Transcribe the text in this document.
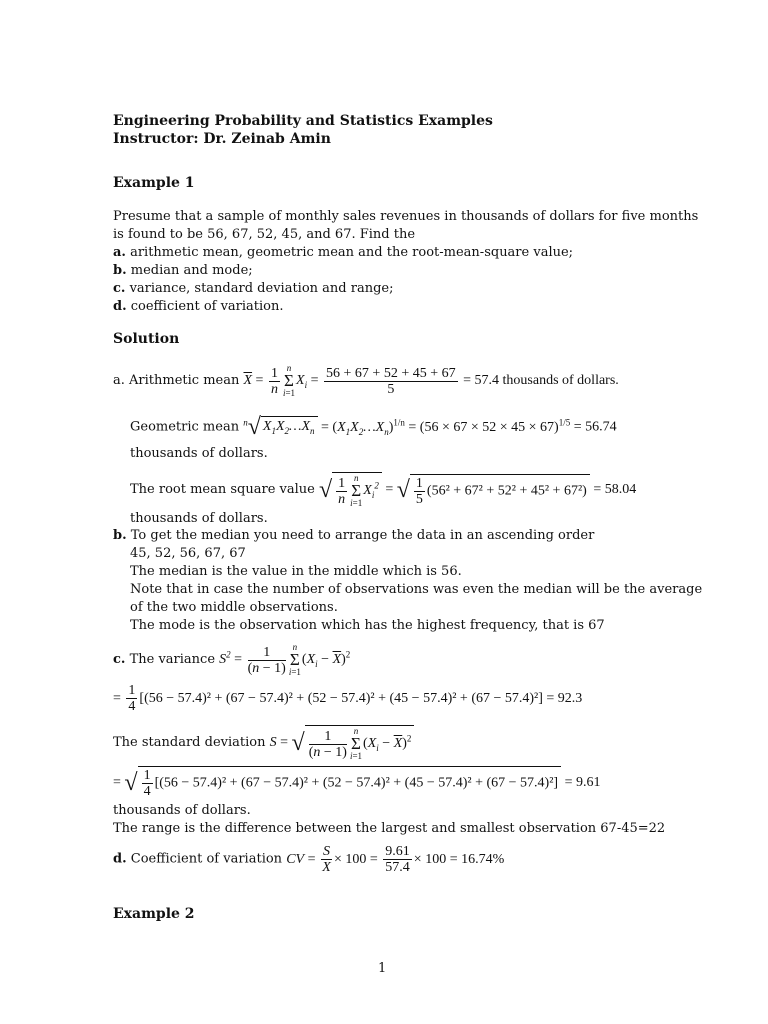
Engineering Probability and Statistics Examples
Instructor: Dr. Zeinab Amin
Example 1
Presume that a sample of monthly sales revenues in thousands of dollars for five months
is found to be 56, 67, 52, 45, and 67. Find the
a. arithmetic mean, geometric mean and the root-mean-square value;
b. median and mode;
c. variance, standard deviation and range;
d. coefficient of variation.
Solution
a. Arithmetic mean $\overline{X} = \frac{1}{n}$ n
Σ
$i=1X_i = \frac{56 + 67 + 52 + 45 + 67}{5} = 57.4$ thousands of dollars.
Geometric mean $^n$√ $X_1X_2\dots X_n$ = $(X_1X_2\dots X_n)^{1/n} = (56 \times 67 \times 52 \times 45 \times 67)^{1/5} = 56.74$
thousands of dollars.
The root mean square value √ $\frac{1}{n}$ n
Σ
$i=1X_i^2$ = √ $\frac{1}{5} (56^2 + 67^2 + 52^2 + 45^2 + 67^2) = 58.04$
thousands of dollars.
b. To get the median you need to arrange the data in an ascending order
45, 52, 56, 67, 67
The median is the value in the middle which is 56.
Note that in case the number of observations was even the median will be the average
of the two middle observations.
The mode is the observation which has the highest frequency, that is 67
c. The variance $S^2 = \frac{1}{(n - 1)}$ n
Σ
$i=1(X_i - \overline{X})^2$
= $\frac{1}{4} [(56 - 57.4)^2 + (67 - 57.4)^2 + (52 - 57.4)^2 + (45 - 57.4)^2 + (67 - 57.4)^2] = 92.3$
The standard deviation S = √ $\frac{1}{(n - 1)}$ n
Σ
$i=1(X_i - \overline{X})^2$
= √ $\frac{1}{4} [(56 - 57.4)^2 + (67 - 57.4)^2 + (52 - 57.4)^2 + (45 - 57.4)^2 + (67 - 57.4)^2] = 9.61$
thousands of dollars.
The range is the difference between the largest and smallest observation 67-45=22
d. Coefficient of variation CV = $\frac{S}{X} \times 100 = \frac{9.61}{57.4} \times 100 = 16.74\%$
Example 2
1
